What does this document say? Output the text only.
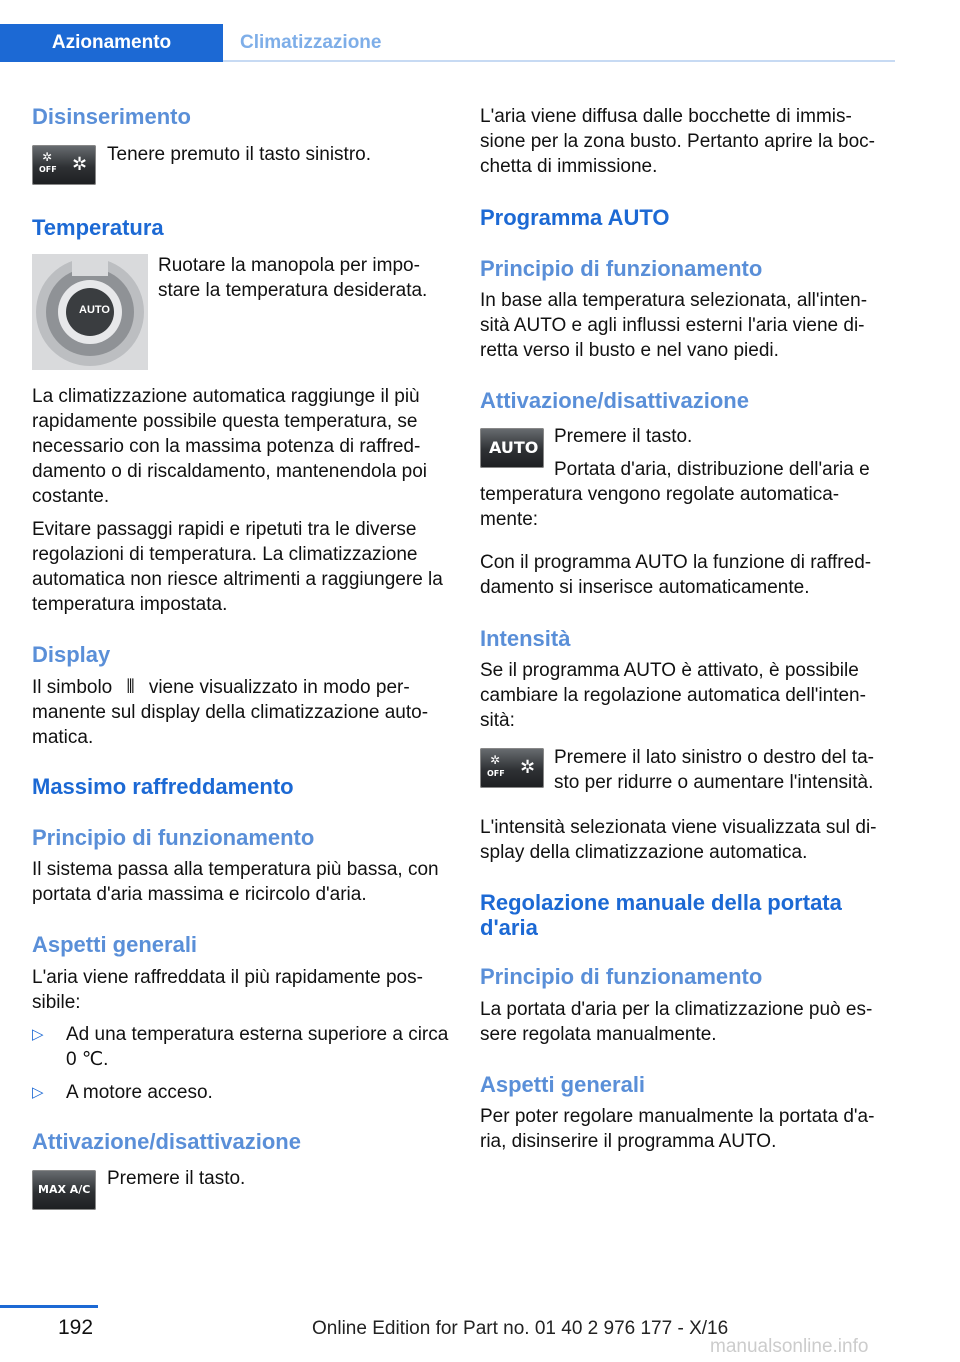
Azionamento	Climatizzazione
Disinserimento
OFF
✲ ✲ Tenere premuto il tasto sinistro.
Temperatura
AUTO
Ruotare la manopola per impo-
stare la temperatura desiderata.
La climatizzazione automatica raggiunge il più rapidamente possibile questa temperatura, se necessario con la massima potenza di raffred-damento o di riscaldamento, mantenendola poi costante.
Evitare passaggi rapidi e ripetuti tra le diverse regolazioni di temperatura. La climatizzazione automatica non riesce altrimenti a raggiungere la temperatura impostata.
Display
Il simbolo ⦀ viene visualizzato in modo per-manente sul display della climatizzazione auto-matica.
Massimo raffreddamento
Principio di funzionamento
Il sistema passa alla temperatura più bassa, con portata d'aria massima e ricircolo d'aria.
Aspetti generali
L'aria viene raffreddata il più rapidamente pos-sibile:
▷ Ad una temperatura esterna superiore a circa 0 ℃.
▷ A motore acceso.
Attivazione/disattivazione
MAX A/C
Premere il tasto.
L'aria viene diffusa dalle bocchette di immis-sione per la zona busto. Pertanto aprire la boc-chetta di immissione.
Programma AUTO
Principio di funzionamento
In base alla temperatura selezionata, all'inten-sità AUTO e agli influssi esterni l'aria viene di-retta verso il busto e nel vano piedi.
Attivazione/disattivazione
AUTO
Premere il tasto.
Portata d'aria, distribuzione dell'aria e temperatura vengono regolate automatica-mente:
Con il programma AUTO la funzione di raffred-damento si inserisce automaticamente.
Intensità
Se il programma AUTO è attivato, è possibile cambiare la regolazione automatica dell'inten-sità:
OFF
✲ ✲ Premere il lato sinistro o destro del ta-sto per ridurre o aumentare l'intensità.
L'intensità selezionata viene visualizzata sul di-splay della climatizzazione automatica.
Regolazione manuale della portata d'aria
Principio di funzionamento
La portata d'aria per la climatizzazione può es-sere regolata manualmente.
Aspetti generali
Per poter regolare manualmente la portata d'a-ria, disinserire il programma AUTO.
192	Online Edition for Part no. 01 40 2 976 177 - X/16
manualsonline.info
